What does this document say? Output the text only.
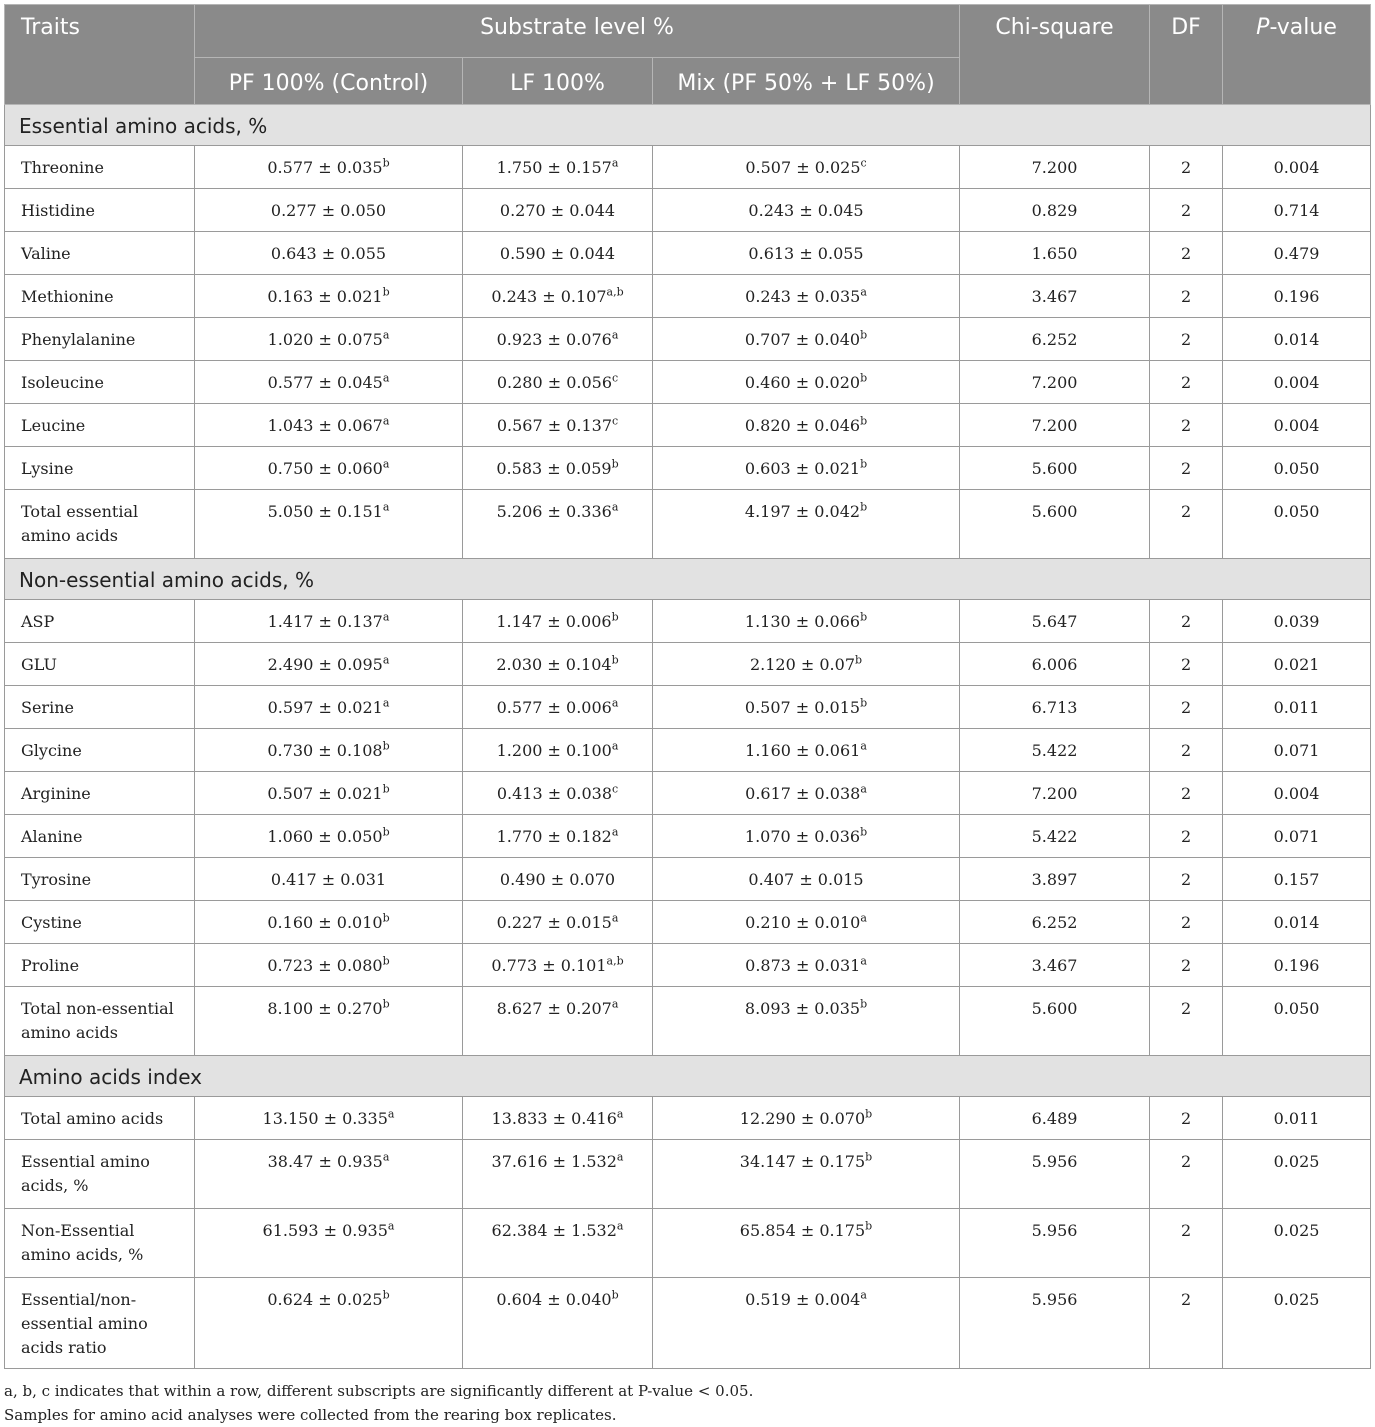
Traits	Substrate level %			Chi-square	DF	P-value
	PF 100% (Control)	LF 100%	Mix (PF 50% + LF 50%)			
Essential amino acids, %						
Threonine	0.577 ± 0.035$^b$	1.750 ± 0.157$^a$	0.507 ± 0.025$^c$	7.200	2	0.004
Histidine	0.277 ± 0.050	0.270 ± 0.044	0.243 ± 0.045	0.829	2	0.714
Valine	0.643 ± 0.055	0.590 ± 0.044	0.613 ± 0.055	1.650	2	0.479
Methionine	0.163 ± 0.021$^b$	$0.243 \pm 0.107^{a,b}$	0.243 ± 0.035$^a$	3.467	2	0.196
Phenylalanine	1.020 ± 0.075$^a$	0.923 ± 0.076$^a$	0.707 ± 0.040$^b$	6.252	2	0.014
Isoleucine	0.577 ± 0.045$^a$	0.280 ± 0.056$^c$	0.460 ± 0.020$^b$	7.200	2	0.004
Leucine	1.043 ± 0.067$^a$	0.567 ± 0.137$^c$	0.820 ± 0.046$^b$	7.200	2	0.004
Lysine	0.750 ± 0.060$^a$	0.583 ± 0.059$^b$	0.603 ± 0.021$^b$	5.600	2	0.050
Total essential amino acids	5.050 ± 0.151$^a$	5.206 ± 0.336$^a$	4.197 ± 0.042$^b$	5.600	2	0.050
Non-essential amino acids, %						
ASP	1.417 ± 0.137$^a$	1.147 ± 0.006$^b$	1.130 ± 0.066$^b$	5.647	2	0.039
GLU	2.490 ± 0.095$^a$	2.030 ± 0.104$^b$	2.120 ± 0.07$^b$	6.006	2	0.021
Serine	0.597 ± 0.021$^a$	0.577 ± 0.006$^a$	0.507 ± 0.015$^b$	6.713	2	0.011
Glycine	0.730 ± 0.108$^b$	1.200 ± 0.100$^a$	1.160 ± 0.061$^a$	5.422	2	0.071
Arginine	0.507 ± 0.021$^b$	0.413 ± 0.038$^c$	0.617 ± 0.038$^a$	7.200	2	0.004
Alanine	1.060 ± 0.050$^b$	1.770 ± 0.182$^a$	1.070 ± 0.036$^b$	5.422	2	0.071
Tyrosine	0.417 ± 0.031	0.490 ± 0.070	0.407 ± 0.015	3.897	2	0.157
Cystine	0.160 ± 0.010$^b$	0.227 ± 0.015$^a$	0.210 ± 0.010$^a$	6.252	2	0.014
Proline	0.723 ± 0.080$^b$	$0.773 \pm 0.101^{a,b}$	0.873 ± 0.031$^a$	3.467	2	0.196
Total non-essential amino acids	8.100 ± 0.270$^b$	8.627 ± 0.207$^a$	8.093 ± 0.035$^b$	5.600	2	0.050
Amino acids index						
Total amino acids	13.150 ± 0.335$^a$	13.833 ± 0.416$^a$	12.290 ± 0.070$^b$	6.489	2	0.011
Essential amino acids, %	38.47 ± 0.935$^a$	37.616 ± 1.532$^a$	34.147 ± 0.175$^b$	5.956	2	0.025
Non-Essential amino acids, %	61.593 ± 0.935$^a$	62.384 ± 1.532$^a$	65.854 ± 0.175$^b$	5.956	2	0.025
Essential/non-essential amino acids ratio	0.624 ± 0.025$^b$	0.604 ± 0.040$^b$	0.519 ± 0.004$^a$	5.956	2	0.025
a, b, c indicates that within a row, different subscripts are significantly different at P-value < 0.05.
Samples for amino acid analyses were collected from the rearing box replicates.
